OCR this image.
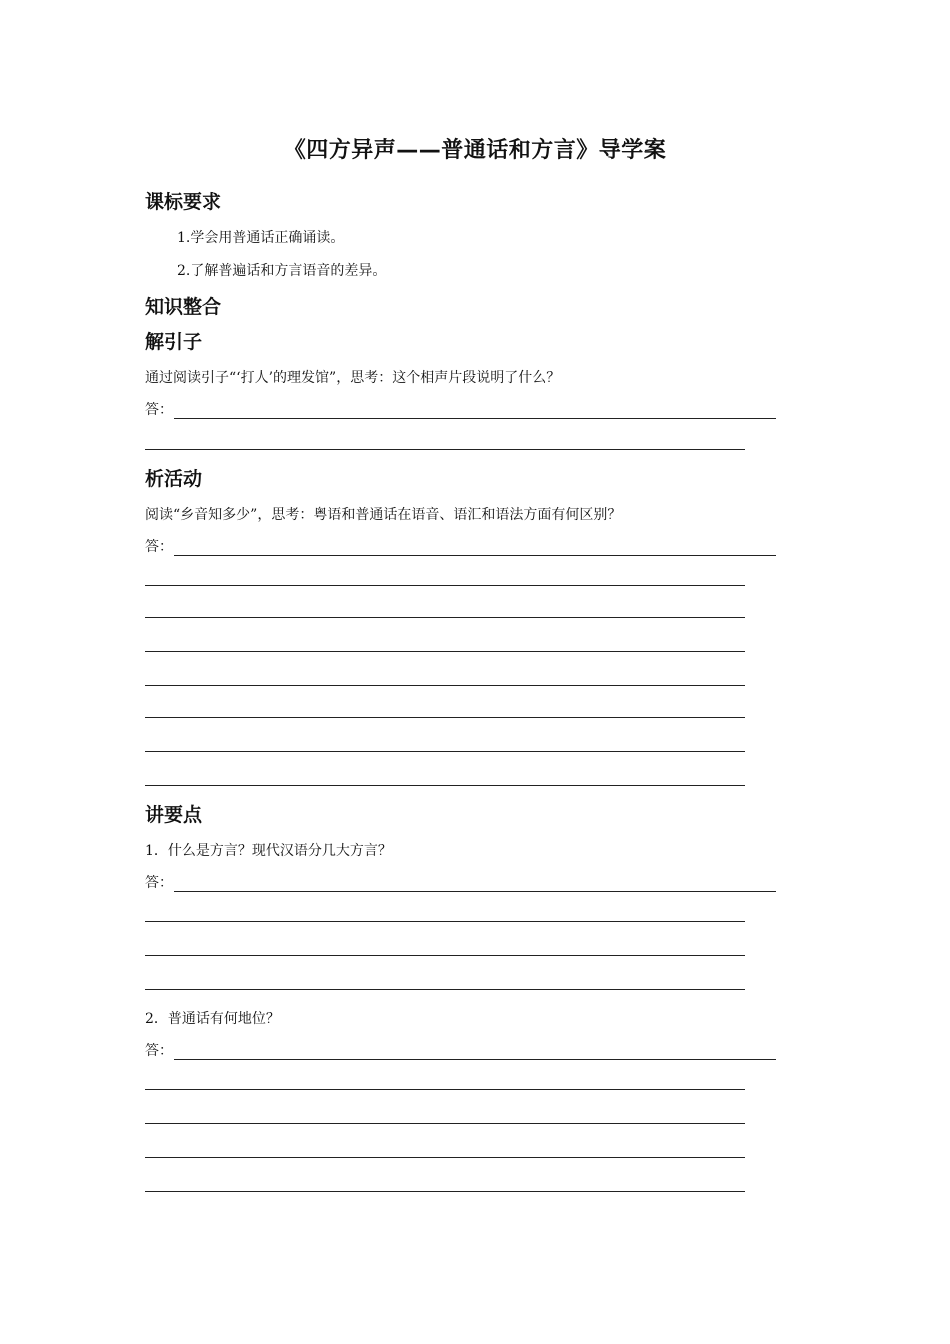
《四方异声——普通话和方言》导学案
课标要求
1.学会用普通话正确诵读。
2.了解普遍话和方言语音的差异。
知识整合
解引子
通过阅读引子“‘打人’的理发馆”，思考：这个相声片段说明了什么？
答：
析活动
阅读“乡音知多少”，思考：粤语和普通话在语音、语汇和语法方面有何区别？
答：
讲要点
1．什么是方言？现代汉语分几大方言？
答：
2．普通话有何地位？
答：
